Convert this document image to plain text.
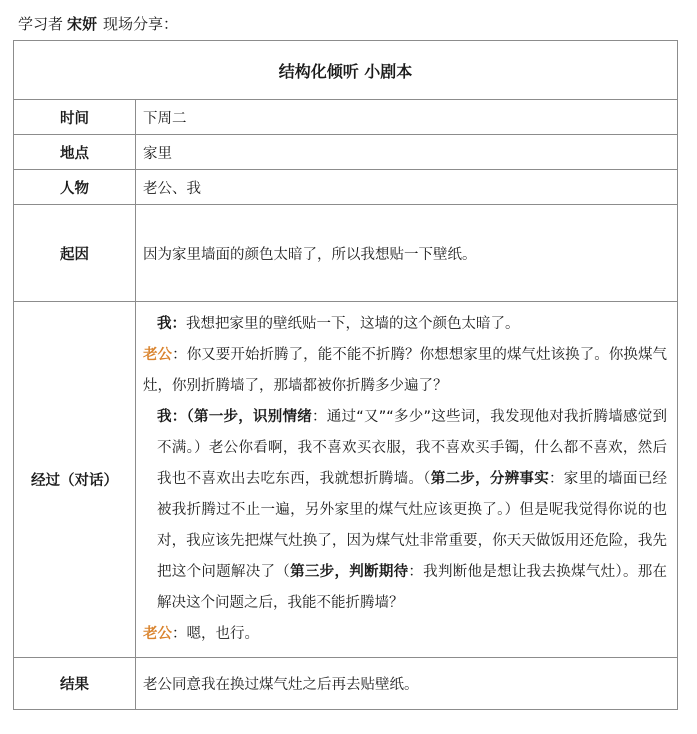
学习者 宋妍 现场分享：
结构化倾听 小剧本	
时间	下周二
地点	家里
人物	老公、我
起因	因为家里墙面的颜色太暗了，所以我想贴一下壁纸。
经过（对话）	我：我想把家里的壁纸贴一下，这墙的这个颜色太暗了。

老公：你又要开始折腾了，能不能不折腾？你想想家里的煤气灶该换了。你换煤气灶，你别折腾墙了，那墙都被你折腾多少遍了？

我：（第一步，识别情绪：通过“又”“多少”这些词，我发现他对我折腾墙感觉到不满。）老公你看啊，我不喜欢买衣服，我不喜欢买手镯，什么都不喜欢，然后我也不喜欢出去吃东西，我就想折腾墙。（第二步，分辨事实：家里的墙面已经被我折腾过不止一遍，另外家里的煤气灶应该更换了。）但是呢我觉得你说的也对，我应该先把煤气灶换了，因为煤气灶非常重要，你天天做饭用还危险，我先把这个问题解决了（第三步，判断期待：我判断他是想让我去换煤气灶）。那在解决这个问题之后，我能不能折腾墙？

老公：嗯，也行。

结果	老公同意我在换过煤气灶之后再去贴壁纸。
